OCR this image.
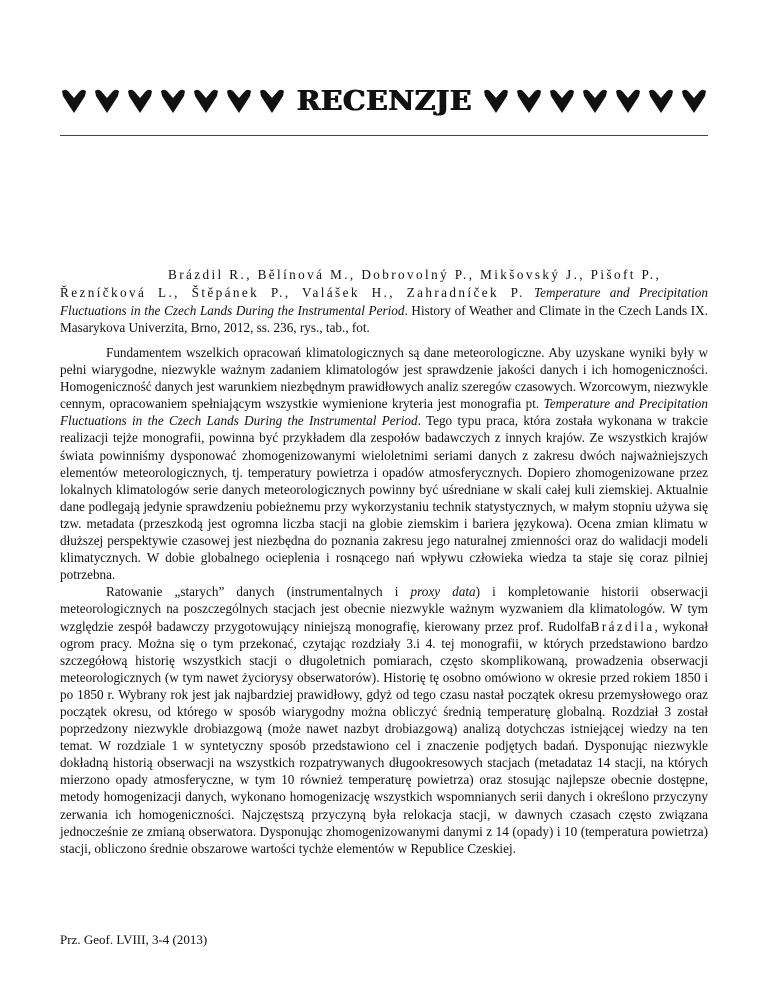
RECENZJE

Brázdil R., Bělínová M., Dobrovolný P., Mikšovský J., Pišoft P.,
Řezníčková L., Štěpánek P., Valášek H., Zahradníček P. Temperature and Precipitation Fluctuations in the Czech Lands During the Instrumental Period. History of Weather and Climate in the Czech Lands IX. Masarykova Univerzita, Brno, 2012, ss. 236, rys., tab., fot.

Fundamentem wszelkich opracowań klimatologicznych są dane meteorologiczne. Aby uzyskane wyniki były w pełni wiarygodne, niezwykle ważnym zadaniem klimatologów jest sprawdzenie jakości danych i ich homogeniczności. Homogeniczność danych jest warunkiem niezbędnym prawidłowych analiz szeregów czasowych. Wzorcowym, niezwykle cennym, opracowaniem spełniającym wszystkie wymienione kryteria jest monografia pt. Temperature and Precipitation Fluctuations in the Czech Lands During the Instrumental Period. Tego typu praca, która została wykonana w trakcie realizacji tejże monografii, powinna być przykładem dla zespołów badawczych z innych krajów. Ze wszystkich krajów świata powinniśmy dysponować zhomogenizowanymi wieloletnimi seriami danych z zakresu dwóch najważniejszych elementów meteorologicznych, tj. temperatury powietrza i opadów atmosferycznych. Dopiero zhomogenizowane przez lokalnych klimatologów serie danych meteorologicznych powinny być uśredniane w skali całej kuli ziemskiej. Aktualnie dane podlegają jedynie sprawdzeniu pobieżnemu przy wykorzystaniu technik statystycznych, w małym stopniu używa się tzw. metadata (przeszkodą jest ogromna liczba stacji na globie ziemskim i bariera językowa). Ocena zmian klimatu w dłuższej perspektywie czasowej jest niezbędna do poznania zakresu jego naturalnej zmienności oraz do walidacji modeli klimatycznych. W dobie globalnego ocieplenia i rosnącego nań wpływu człowieka wiedza ta staje się coraz pilniej potrzebna.

Ratowanie „starych” danych (instrumentalnych i proxy data) i kompletowanie historii obserwacji meteorologicznych na poszczególnych stacjach jest obecnie niezwykle ważnym wyzwaniem dla klimatologów. W tym względzie zespół badawczy przygotowujący niniejszą monografię, kierowany przez prof. RudolfaBrázdila, wykonał ogrom pracy. Można się o tym przekonać, czytając rozdziały 3.i 4. tej monografii, w których przedstawiono bardzo szczegółową historię wszystkich stacji o długoletnich pomiarach, często skomplikowaną, prowadzenia obserwacji meteorologicznych (w tym nawet życiorysy obserwatorów). Historię tę osobno omówiono w okresie przed rokiem 1850 i po 1850 r. Wybrany rok jest jak najbardziej prawidłowy, gdyż od tego czasu nastał początek okresu przemysłowego oraz początek okresu, od którego w sposób wiarygodny można obliczyć średnią temperaturę globalną. Rozdział 3 został poprzedzony niezwykle drobiazgową (może nawet nazbyt drobiazgową) analizą dotychczas istniejącej wiedzy na ten temat. W rozdziale 1 w syntetyczny sposób przedstawiono cel i znaczenie podjętych badań. Dysponując niezwykle dokładną historią obserwacji na wszystkich rozpatrywanych długookresowych stacjach (metadataz 14 stacji, na których mierzono opady atmosferyczne, w tym 10 również temperaturę powietrza) oraz stosując najlepsze obecnie dostępne, metody homogenizacji danych, wykonano homogenizację wszystkich wspomnianych serii danych i określono przyczyny zerwania ich homogeniczności. Najczęstszą przyczyną była relokacja stacji, w dawnych czasach często związana jednocześnie ze zmianą obserwatora. Dysponując zhomogenizowanymi danymi z 14 (opady) i 10 (temperatura powietrza) stacji, obliczono średnie obszarowe wartości tychże elementów w Republice Czeskiej.

Prz. Geof. LVIII, 3-4 (2013)
